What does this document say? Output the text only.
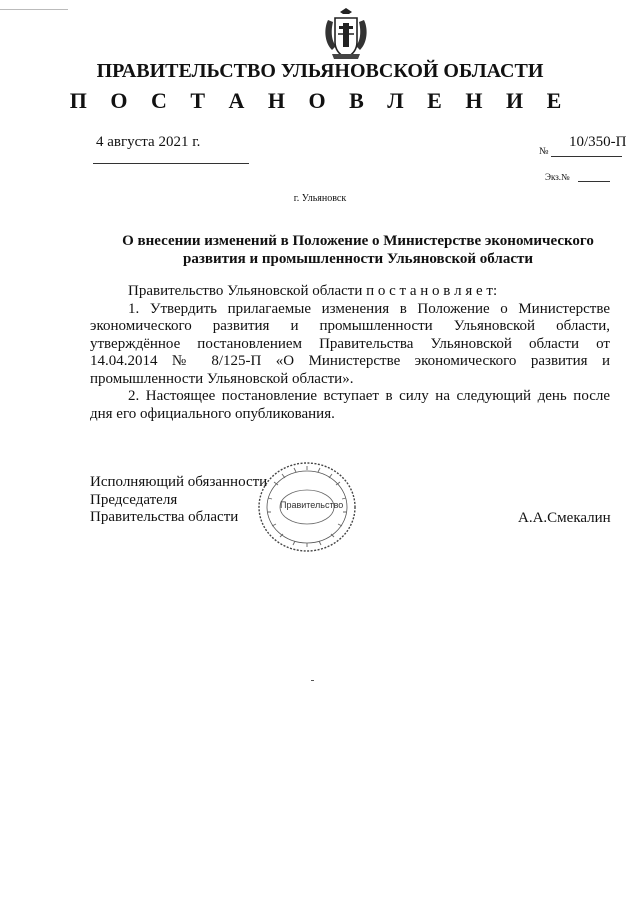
ПРАВИТЕЛЬСТВО УЛЬЯНОВСКОЙ ОБЛАСТИ
П О С Т А Н О В Л Е Н И Е
4 августа 2021 г.
№
10/350-П
Экз.№
г. Ульяновск
О внесении изменений в Положение о Министерстве экономического
развития и промышленности Ульяновской области

Правительство Ульяновской области п о с т а н о в л я е т:

1. Утвердить прилагаемые изменения в Положение о Министерстве экономического развития и промышленности Ульяновской области, утверждённое постановлением Правительства Ульяновской области от 14.04.2014 № 8/125-П «О Министерстве экономического развития и промышленности Ульяновской области».

2. Настоящее постановление вступает в силу на следующий день после дня его официального опубликования.

Исполняющий обязанности
Председателя
Правительства области
Правительство
А.А.Смекалин
